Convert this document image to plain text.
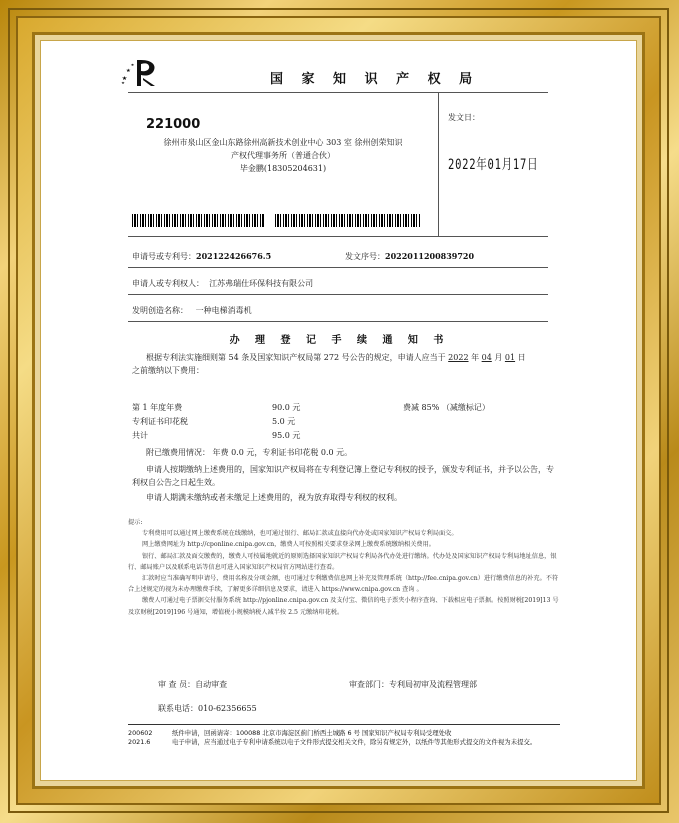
国 家 知 识 产 权 局
221000
徐州市泉山区金山东路徐州高新技术创业中心 303 室 徐州创荣知识
产权代理事务所（普通合伙）
毕金鹏(18305204631)
发文日：
2022年01月17日
申请号或专利号：202122426676.5	发文序号：2022011200839720
申请人或专利权人： 江苏弗瑞仕环保科技有限公司
发明创造名称： 一种电梯消毒机
办 理 登 记 手 续 通 知 书
根据专利法实施细则第 54 条及国家知识产权局第 272 号公告的规定，申请人应当于 2022 年 04 月 01 日
之前缴纳以下费用：
第 1 年度年费	90.0 元	费减 85% （减缴标记）
专利证书印花税	5.0 元
共计	95.0 元
附已缴费用情况： 年费 0.0 元，专利证书印花税 0.0 元。
申请人按期缴纳上述费用的，国家知识产权局将在专利登记簿上登记专利权的授予，颁发专利证书，并予以公告，专利权自公告之日起生效。
申请人期满未缴纳或者未缴足上述费用的，视为放弃取得专利权的权利。

提示:

专利费用可以通过网上缴费系统在线缴纳，也可通过银行、邮局汇款或直接向代办处或国家知识产权局专利局面交。

网上缴费网址为 http://cponline.cnipa.gov.cn，缴费人可按照相关要求登录网上缴费系统缴纳相关费用。

银行、邮局汇款及面交缴费的，缴费人可按属地就近的原则选择国家知识产权局专利局各代办处进行缴纳。代办处及国家知识产权局专利局地址信息，银行、邮局账户以及联系电话等信息可进入国家知识产权局官方网站进行查看。

汇款时应当准确写明申请号，费用名称及分项金额，也可通过专利缴费信息网上补充及管理系统（http://fee.cnipa.gov.cn）进行缴费信息的补充。不符合上述规定的视为未办理缴费手续，了解更多详细信息及要求，请进入 https://www.cnipa.gov.cn 查询 。

缴费人可通过电子票据交付服务系统 http://pjonline.cnipa.gov.cn 及支付宝、微信的电子票夹小程序查询、下载相应电子票据。按照财税[2019]13 号及京财税[2019]196 号通知，增值税小规模纳税人减半按 2.5 元缴纳印花税。

审 查 员：自动审查	审查部门：专利局初审及流程管理部
联系电话：010-62356655
200602	纸件申请，回函请寄：100088 北京市海淀区蓟门桥西土城路 6 号 国家知识产权局专利局受理处收
2021.6	电子申请，应当通过电子专利申请系统以电子文件形式提交相关文件，除另有规定外，以纸件等其他形式提交的文件视为未提交。
